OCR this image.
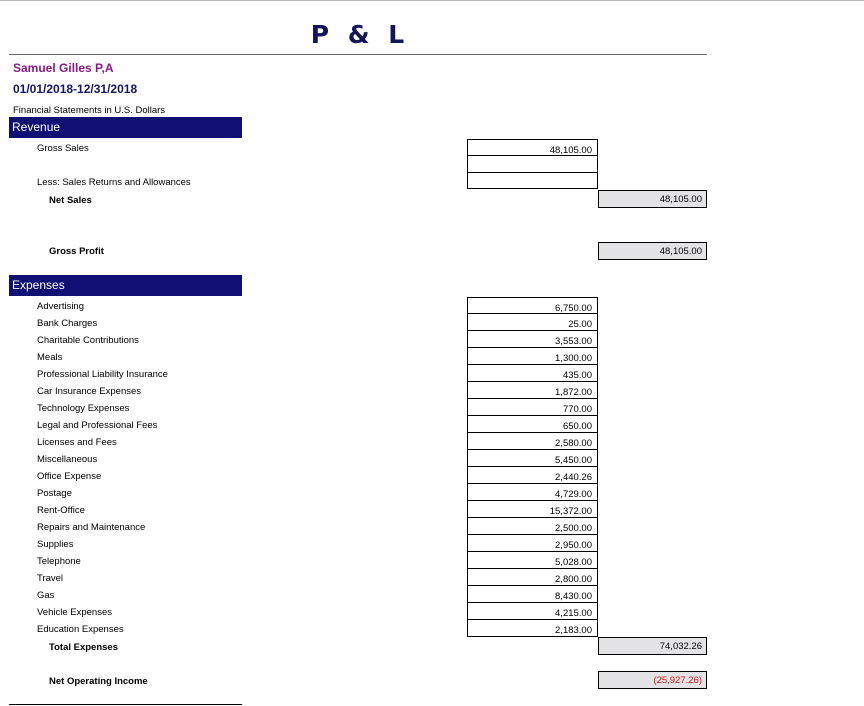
P & L
Samuel Gilles P,A
01/01/2018-12/31/2018
Financial Statements in U.S. Dollars
Revenue
Gross Sales	48,105.00
Less: Sales Returns and Allowances
Net Sales	48,105.00
Gross Profit	48,105.00
Expenses
Advertising	6,750.00
Bank Charges	25.00
Charitable Contributions	3,553.00
Meals	1,300.00
Professional Liability Insurance	435.00
Car Insurance Expenses	1,872.00
Technology Expenses	770.00
Legal and Professional Fees	650.00
Licenses and Fees	2,580.00
Miscellaneous	5,450.00
Office Expense	2,440.26
Postage	4,729.00
Rent-Office	15,372.00
Repairs and Maintenance	2,500.00
Supplies	2,950.00
Telephone	5,028.00
Travel	2,800.00
Gas	8,430.00
Vehicle Expenses	4,215.00
Education Expenses	2,183.00
Total Expenses	74,032.26
Net Operating Income	(25,927.26)
